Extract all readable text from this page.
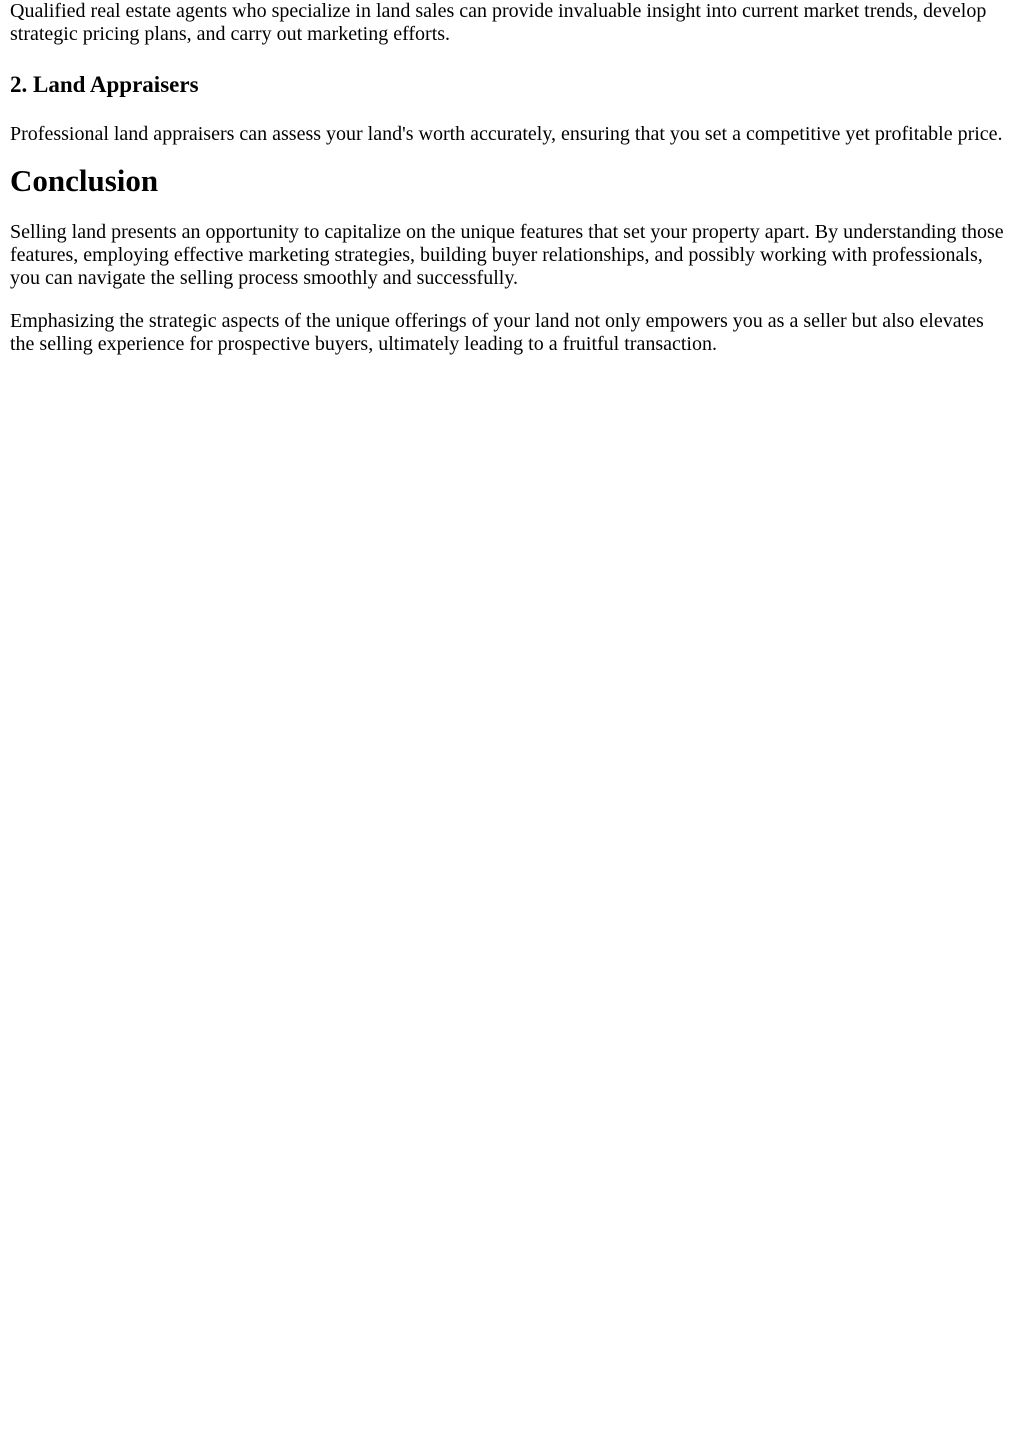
Qualified real estate agents who specialize in land sales can provide invaluable insight into current market trends, develop strategic pricing plans, and carry out marketing efforts.

2. Land Appraisers

Professional land appraisers can assess your land's worth accurately, ensuring that you set a competitive yet profitable price.

Conclusion

Selling land presents an opportunity to capitalize on the unique features that set your property apart. By understanding those features, employing effective marketing strategies, building buyer relationships, and possibly working with professionals, you can navigate the selling process smoothly and successfully.

Emphasizing the strategic aspects of the unique offerings of your land not only empowers you as a seller but also elevates the selling experience for prospective buyers, ultimately leading to a fruitful transaction.
